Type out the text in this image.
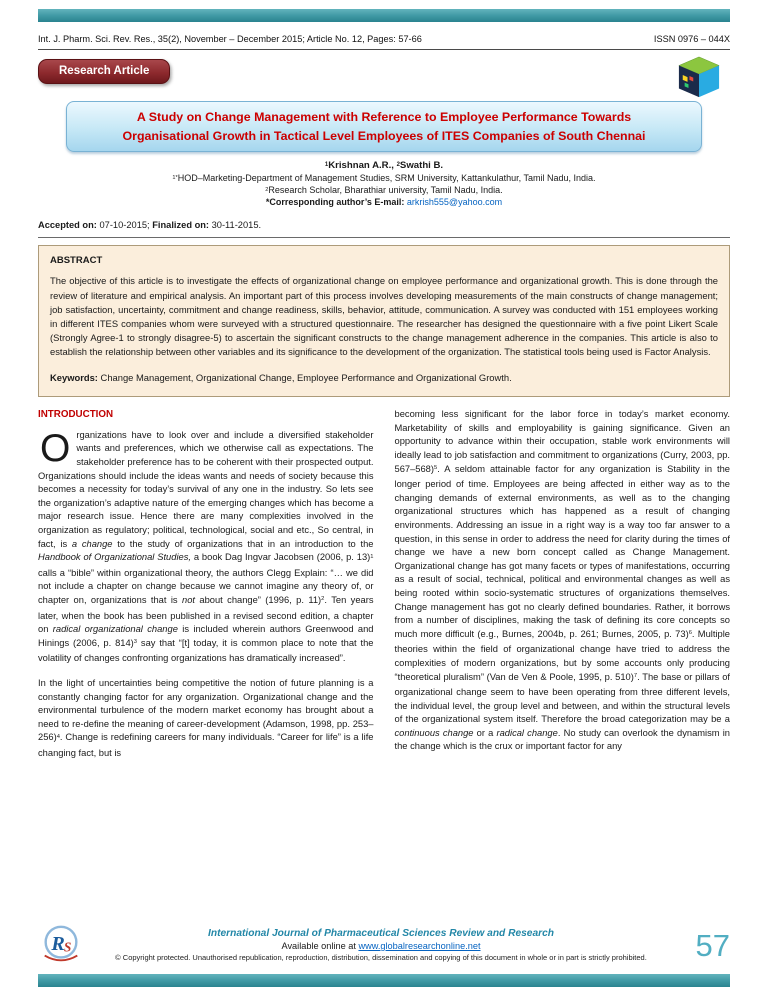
Int. J. Pharm. Sci. Rev. Res., 35(2), November – December 2015; Article No. 12, Pages: 57-66	ISSN 0976 – 044X
Research Article
A Study on Change Management with Reference to Employee Performance Towards
Organisational Growth in Tactical Level Employees of ITES Companies of South Chennai
$^1$Krishnan A.R., $^2$Swathi B.
$^{1*}$HOD–Marketing-Department of Management Studies, SRM University, Kattankulathur, Tamil Nadu, India.
$^2$Research Scholar, Bharathiar university, Tamil Nadu, India.
*Corresponding author’s E-mail: arkrish555@yahoo.com
Accepted on: 07-10-2015; Finalized on: 30-11-2015.
ABSTRACT
The objective of this article is to investigate the effects of organizational change on employee performance and organizational growth. This is done through the review of literature and empirical analysis. An important part of this process involves developing measurements of the main constructs of change management; job satisfaction, uncertainty, commitment and change readiness, skills, behavior, attitude, communication. A survey was conducted with 151 employees working in different ITES companies whom were surveyed with a structured questionnaire. The researcher has designed the questionnaire with a five point Likert Scale (Strongly Agree-1 to strongly disagree-5) to ascertain the significant constructs to the change management adherence in the companies. This article is also to establish the relationship between other variables and its significance to the development of the organization. The statistical tools being used is Factor Analysis.
Keywords: Change Management, Organizational Change, Employee Performance and Organizational Growth.
INTRODUCTION

Organizations have to look over and include a diversified stakeholder wants and preferences, which we otherwise call as expectations. The stakeholder preference has to be coherent with their prospected output. Organizations should include the ideas wants and needs of society because this becomes a necessity for today’s survival of any one in the industry. So lets see the organization’s adaptive nature of the emerging changes which has become a major research issue. Hence there are many complexities involved in the organization as regulatory; political, technological, social and etc., So central, in fact, is a change to the study of organizations that in an introduction to the Handbook of Organizational Studies, a book Dag Ingvar Jacobsen (2006, p. 13)$^1$ calls a “bible” within organizational theory, the authors Clegg Explain: “… we did not include a chapter on change because we cannot imagine any theory of, or chapter on, organizations that is not about change” (1996, p. 11)$^2$. Ten years later, when the book has been published in a revised second edition, a chapter on radical organizational change is included wherein authors Greenwood and Hinings (2006, p. 814)$^3$ say that “[t] today, it is common place to note that the volatility of changes confronting organizations has dramatically increased”.

In the light of uncertainties being competitive the notion of future planning is a constantly changing factor for any organization. Organizational change and the environmental turbulence of the modern market economy has brought about a need to re-define the meaning of career-development (Adamson, 1998, pp. 253–256)$^4$. Change is redefining careers for many individuals. “Career for life” is a life changing fact, but is

becoming less significant for the labor force in today’s market economy. Marketability of skills and employability is gaining significance. Given an opportunity to advance within their occupation, stable work environments will ideally lead to job satisfaction and commitment to organizations (Curry, 2003, pp. 567–568)$^5$. A seldom attainable factor for any organization is Stability in the longer period of time. Employees are being affected in either way as to the changing demands of external environments, as well as to the changing organizational structures which has happened as a result of changing environments. Addressing an issue in a right way is a way too far answer to a question, in this sense in order to address the need for clarity during the times of change we have a new born concept called as Change Management. Organizational change has got many facets or types of manifestations, occurring as a result of social, technical, political and environmental changes as well as being rooted within socio-systematic structures of organizations themselves. Change management has got no clearly defined boundaries. Rather, it borrows from a number of disciplines, making the task of defining its core concepts so much more difficult (e.g., Burnes, 2004b, p. 261; Burnes, 2005, p. 73)$^6$. Multiple theories within the field of organizational change have tried to address the complexities of modern organizations, but by some accounts only producing “theoretical pluralism” (Van de Ven & Poole, 1995, p. 510)$^7$. The base or pillars of organizational change seem to have been operating from three different levels, the individual level, the group level and between, and within the structural levels of the organizational system itself. Therefore the broad categorization may be a continuous change or a radical change. No study can overlook the dynamism in the change which is the crux or important factor for any

R S
International Journal of Pharmaceutical Sciences Review and Research
Available online at www.globalresearchonline.net
© Copyright protected. Unauthorised republication, reproduction, distribution, dissemination and copying of this document in whole or in part is strictly prohibited.	57
